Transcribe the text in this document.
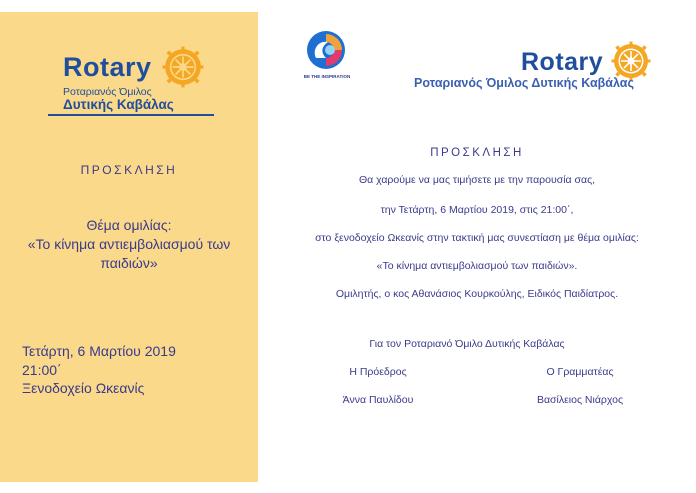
Rotary
Ροταριανός Όμιλος
Δυτικής Καβάλας
ΠΡΟΣΚΛΗΣΗ
Θέμα ομιλίας:
«Το κίνημα αντιεμβολιασμού των
παιδιών»
Τετάρτη, 6 Μαρτίου 2019
21:00΄
Ξενοδοχείο Ωκεανίς
BE THE INSPIRATION
Rotary
Ροταριανός Όμιλος Δυτικής Καβάλας
ΠΡΟΣΚΛΗΣΗ
Θα χαρούμε να μας τιμήσετε με την παρουσία σας,
την Τετάρτη, 6 Μαρτίου 2019, στις 21:00΄,
στο ξενοδοχείο Ωκεανίς στην τακτική μας συνεστίαση με θέμα ομιλίας:
«Το κίνημα αντιεμβολιασμού των παιδιών».
Ομιλητής, ο κος Αθανάσιος Κουρκούλης, Ειδικός Παιδίατρος.
Για τον Ροταριανό Όμιλο Δυτικής Καβάλας
Η Πρόεδρος
Άννα Παυλίδου
Ο Γραμματέας
Βασίλειος Νιάρχος
